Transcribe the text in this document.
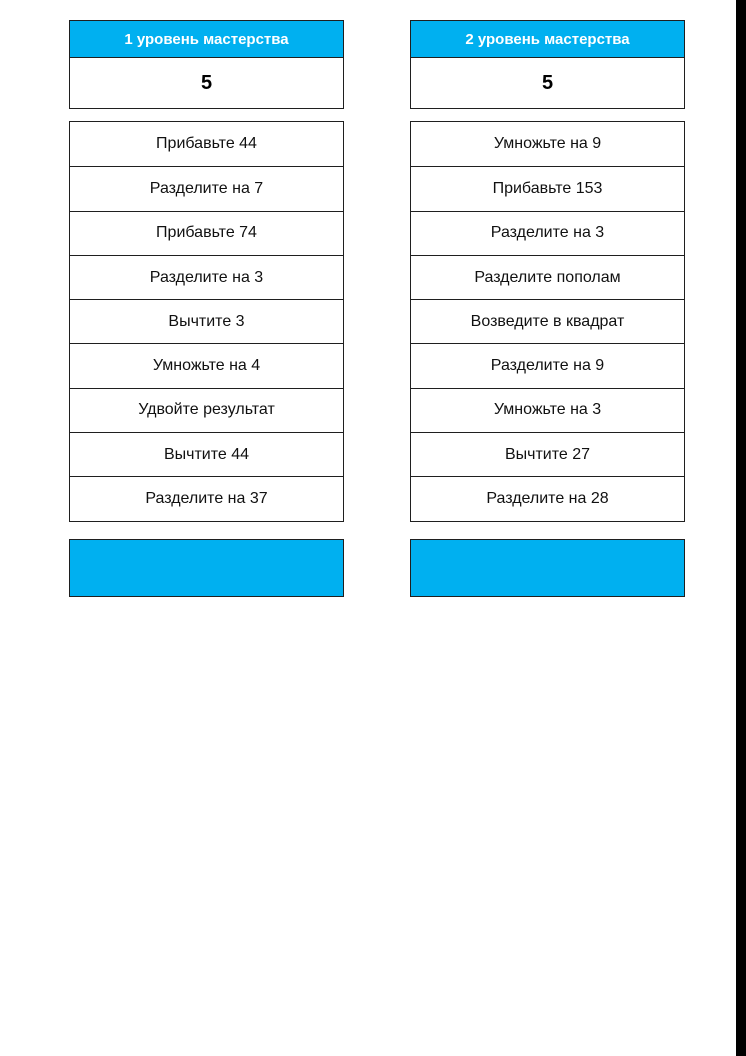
1 уровень мастерства
5
Прибавьте 44
Разделите на 7
Прибавьте 74
Разделите на 3
Вычтите 3
Умножьте на 4
Удвойте результат
Вычтите 44
Разделите на 37
2 уровень мастерства
5
Умножьте на 9
Прибавьте 153
Разделите на 3
Разделите пополам
Возведите в квадрат
Разделите на 9
Умножьте на 3
Вычтите 27
Разделите на 28
